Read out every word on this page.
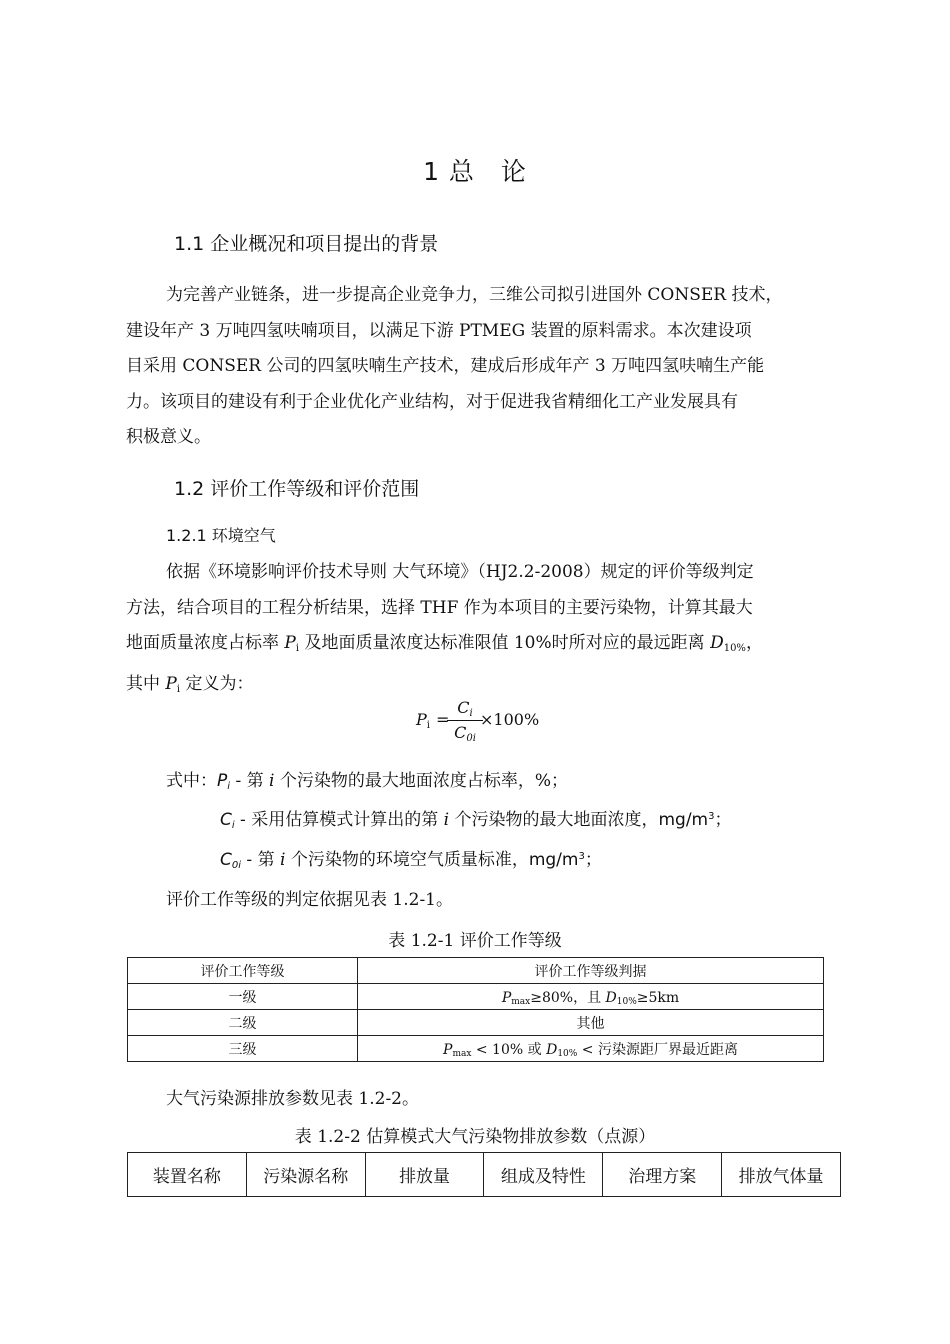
1 总　论
1.1 企业概况和项目提出的背景
为完善产业链条，进一步提高企业竞争力，三维公司拟引进国外 CONSER 技术，
建设年产 3 万吨四氢呋喃项目，以满足下游 PTMEG 装置的原料需求。本次建设项
目采用 CONSER 公司的四氢呋喃生产技术，建成后形成年产 3 万吨四氢呋喃生产能
力。该项目的建设有利于企业优化产业结构，对于促进我省精细化工产业发展具有
积极意义。
1.2 评价工作等级和评价范围
1.2.1 环境空气
依据《环境影响评价技术导则 大气环境》（HJ2.2-2008）规定的评价等级判定
方法，结合项目的工程分析结果，选择 THF 作为本项目的主要污染物，计算其最大
地面质量浓度占标率 $P_i$ 及地面质量浓度达标准限值 10%时所对应的最远距离 $D_{10\%}$，
其中 $P_i$ 定义为：
$P_i$ =
$C_i$
$C_{0i}$
×100%
式中：$P_i$ - 第 i 个污染物的最大地面浓度占标率，%；
$C_i$ - 采用估算模式计算出的第 i 个污染物的最大地面浓度，$mg/m^3$；
$C_{0i}$ - 第 i 个污染物的环境空气质量标准，$mg/m^3$；
评价工作等级的判定依据见表 1.2-1。
表 1.2-1 评价工作等级
评价工作等级	评价工作等级判据
一级	Pmax≥80%，且 D10%≥5km
二级	其他
三级	Pmax < 10% 或 D10% < 污染源距厂界最近距离
大气污染源排放参数见表 1.2-2。
表 1.2-2 估算模式大气污染物排放参数（点源）
装置名称	污染源名称	排放量	组成及特性	治理方案	排放气体量
